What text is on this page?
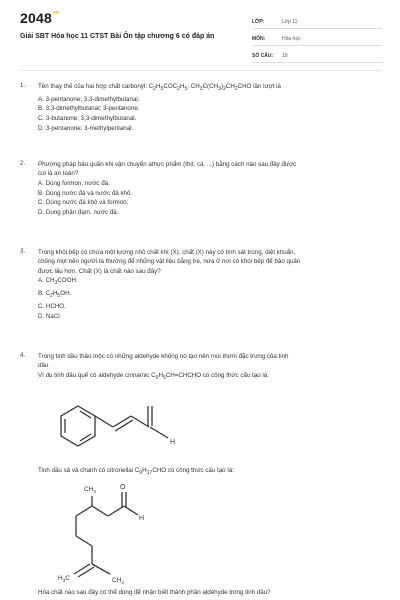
$2048^{vn}$
Giải SBT Hóa học 11 CTST Bài Ôn tập chương 6 có đáp án
LỚP:	Lớp 11
MÔN:	Hóa học
SỐ CÂU:	19
1.	Tên thay thế của hai hợp chất carbonyl: $C_2H_5COC_2H_5$; $CH_3C(CH_3)_2CH_2CHO$ lần lượt là
A. 3-pentanone; 3,3-dimethylbutanal.
B. 3,3-dimethylbutanal; 3-pentanone.
C. 3-butanone; 3,3-dimethylbutanal.
D. 3-pentanone; 3-methylpentanal.
2.	Phương pháp bảo quản khi vận chuyển athực phẩm (thịt, cá, ...) bằng cách nào sau đây được
coi là an toàn?
A. Dùng formon, nước đá.
B. Dùng nước đá và nước đá khô.
C. Dùng nước đá khô và formon.
D. Dùng phân đạm, nước đá.
3.	Trong khói bếp có chứa một lượng nhỏ chất khí (X), chất (X) này có tính sát trùng, diệt khuẩn,
chống mọt nên người ta thường để những vật liệu bằng tre, nứa ở nơi có khói bếp để bảo quản
được lâu hơn. Chất (X) là chất nào sau đây?
A. $CH_3COOH$.
B. $C_2H_5OH$.
C. HCHO.
D. NaCl.
4.	Trong tinh dầu thảo mộc có những aldehyde không no tạo nên mùi thơm đặc trưng của tinh
dầu.
Ví dụ tinh dầu quế có aldehyde cinnamic $C_6H_5CH=CHCHO$ có công thức cấu tạo là:
H
Tinh dầu sả và chanh có citronellal $C_9H_{17}CHO$ có công thức cấu tạo là:
$CH_3$
O
H
$H_3C$	$CH_3$
Hóa chất nào sau đây có thể dùng để nhận biết thành phần aldehyde trong tinh dầu?
